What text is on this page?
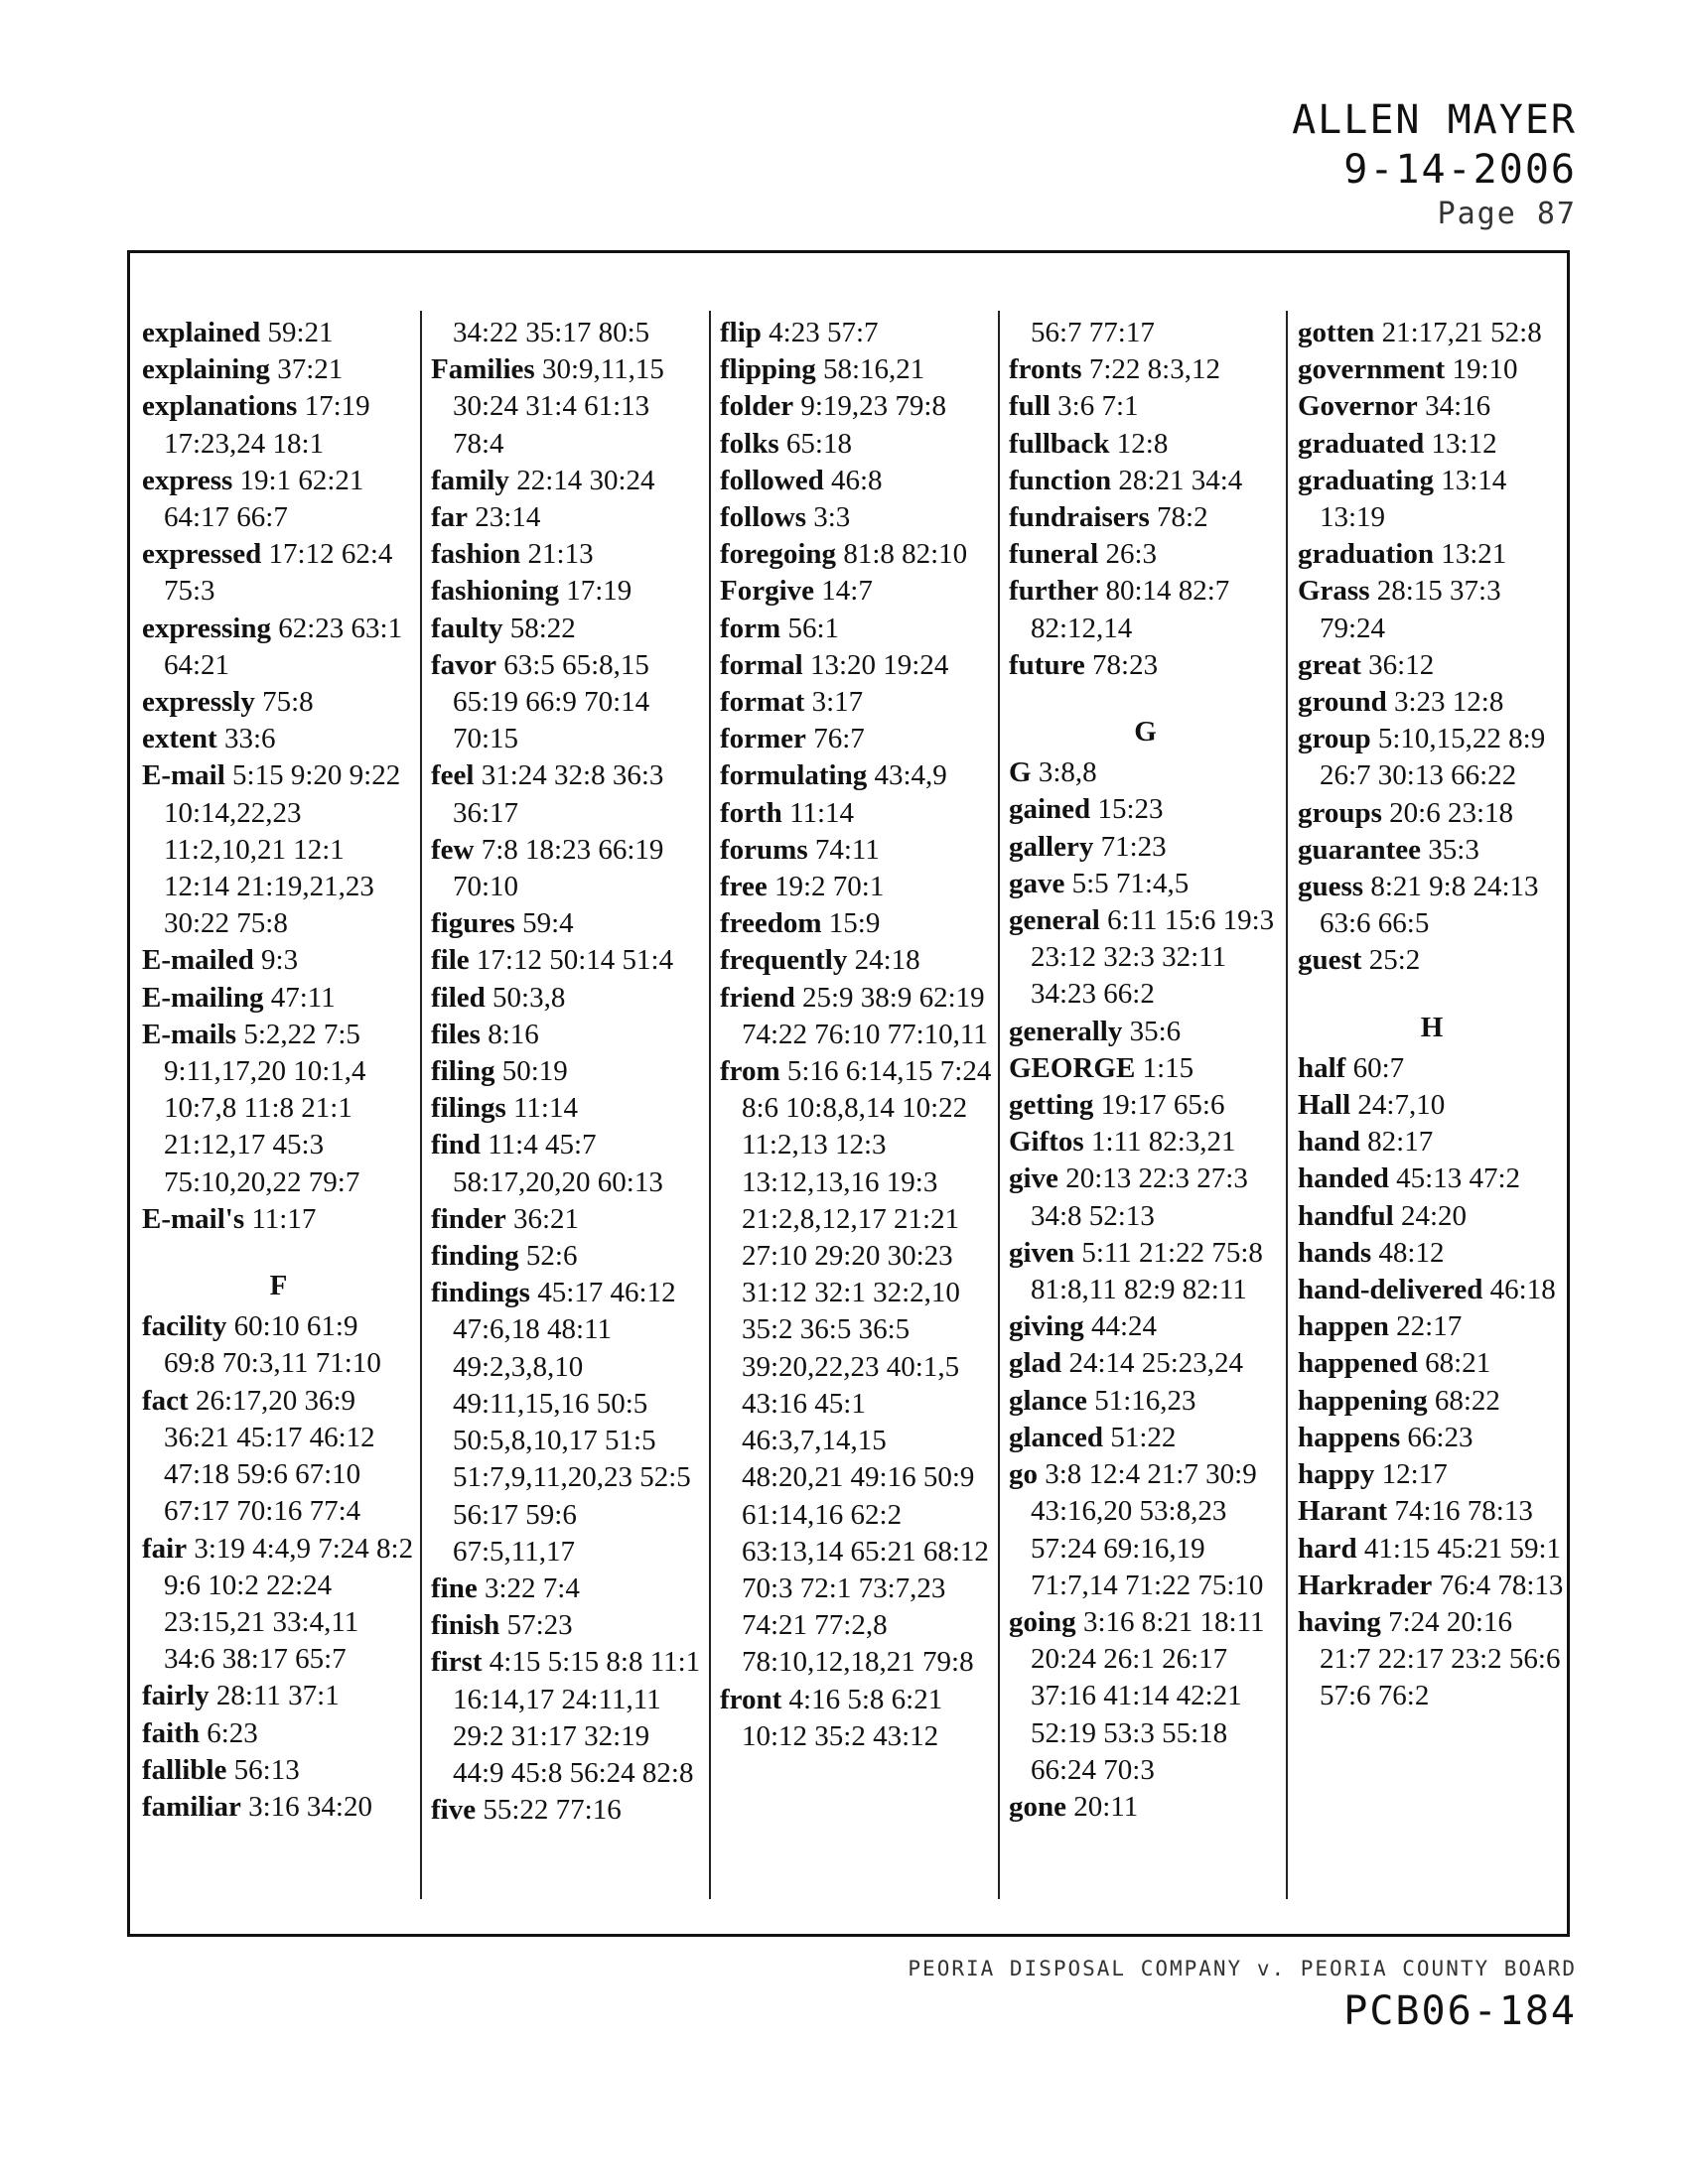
ALLEN MAYER
9-14-2006
Page 87
explained 59:21
explaining 37:21
explanations 17:19 17:23,24 18:1
express 19:1 62:21 64:17 66:7
expressed 17:12 62:4 75:3
expressing 62:23 63:1 64:21
expressly 75:8
extent 33:6
E-mail 5:15 9:20 9:22 10:14,22,23 11:2,10,21 12:1 12:14 21:19,21,23 30:22 75:8
E-mailed 9:3
E-mailing 47:11
E-mails 5:2,22 7:5 9:11,17,20 10:1,4 10:7,8 11:8 21:1 21:12,17 45:3 75:10,20,22 79:7
E-mail's 11:17
F
facility 60:10 61:9 69:8 70:3,11 71:10
fact 26:17,20 36:9 36:21 45:17 46:12 47:18 59:6 67:10 67:17 70:16 77:4
fair 3:19 4:4,9 7:24 8:2 9:6 10:2 22:24 23:15,21 33:4,11 34:6 38:17 65:7
fairly 28:11 37:1
faith 6:23
fallible 56:13
familiar 3:16 34:20
34:22 35:17 80:5
Families 30:9,11,15 30:24 31:4 61:13 78:4
family 22:14 30:24
far 23:14
fashion 21:13
fashioning 17:19
faulty 58:22
favor 63:5 65:8,15 65:19 66:9 70:14 70:15
feel 31:24 32:8 36:3 36:17
few 7:8 18:23 66:19 70:10
figures 59:4
file 17:12 50:14 51:4
filed 50:3,8
files 8:16
filing 50:19
filings 11:14
find 11:4 45:7 58:17,20,20 60:13
finder 36:21
finding 52:6
findings 45:17 46:12 47:6,18 48:11 49:2,3,8,10 49:11,15,16 50:5 50:5,8,10,17 51:5 51:7,9,11,20,23 52:5 56:17 59:6 67:5,11,17
fine 3:22 7:4
finish 57:23
first 4:15 5:15 8:8 11:1 16:14,17 24:11,11 29:2 31:17 32:19 44:9 45:8 56:24 82:8
five 55:22 77:16
flip 4:23 57:7
flipping 58:16,21
folder 9:19,23 79:8
folks 65:18
followed 46:8
follows 3:3
foregoing 81:8 82:10
Forgive 14:7
form 56:1
formal 13:20 19:24
format 3:17
former 76:7
formulating 43:4,9
forth 11:14
forums 74:11
free 19:2 70:1
freedom 15:9
frequently 24:18
friend 25:9 38:9 62:19 74:22 76:10 77:10,11
from 5:16 6:14,15 7:24 8:6 10:8,8,14 10:22 11:2,13 12:3 13:12,13,16 19:3 21:2,8,12,17 21:21 27:10 29:20 30:23 31:12 32:1 32:2,10 35:2 36:5 36:5 39:20,22,23 40:1,5 43:16 45:1 46:3,7,14,15 48:20,21 49:16 50:9 61:14,16 62:2 63:13,14 65:21 68:12 70:3 72:1 73:7,23 74:21 77:2,8 78:10,12,18,21 79:8
front 4:16 5:8 6:21 10:12 35:2 43:12
56:7 77:17
fronts 7:22 8:3,12
full 3:6 7:1
fullback 12:8
function 28:21 34:4
fundraisers 78:2
funeral 26:3
further 80:14 82:7 82:12,14
future 78:23
G
G 3:8,8
gained 15:23
gallery 71:23
gave 5:5 71:4,5
general 6:11 15:6 19:3 23:12 32:3 32:11 34:23 66:2
generally 35:6
GEORGE 1:15
getting 19:17 65:6
Giftos 1:11 82:3,21
give 20:13 22:3 27:3 34:8 52:13
given 5:11 21:22 75:8 81:8,11 82:9 82:11
giving 44:24
glad 24:14 25:23,24
glance 51:16,23
glanced 51:22
go 3:8 12:4 21:7 30:9 43:16,20 53:8,23 57:24 69:16,19 71:7,14 71:22 75:10
going 3:16 8:21 18:11 20:24 26:1 26:17 37:16 41:14 42:21 52:19 53:3 55:18 66:24 70:3
gone 20:11
gotten 21:17,21 52:8
government 19:10
Governor 34:16
graduated 13:12
graduating 13:14 13:19
graduation 13:21
Grass 28:15 37:3 79:24
great 36:12
ground 3:23 12:8
group 5:10,15,22 8:9 26:7 30:13 66:22
groups 20:6 23:18
guarantee 35:3
guess 8:21 9:8 24:13 63:6 66:5
guest 25:2
H
half 60:7
Hall 24:7,10
hand 82:17
handed 45:13 47:2
handful 24:20
hands 48:12
hand-delivered 46:18
happen 22:17
happened 68:21
happening 68:22
happens 66:23
happy 12:17
Harant 74:16 78:13
hard 41:15 45:21 59:1
Harkrader 76:4 78:13
having 7:24 20:16 21:7 22:17 23:2 56:6 57:6 76:2
PEORIA DISPOSAL COMPANY v. PEORIA COUNTY BOARD
PCB06-184
